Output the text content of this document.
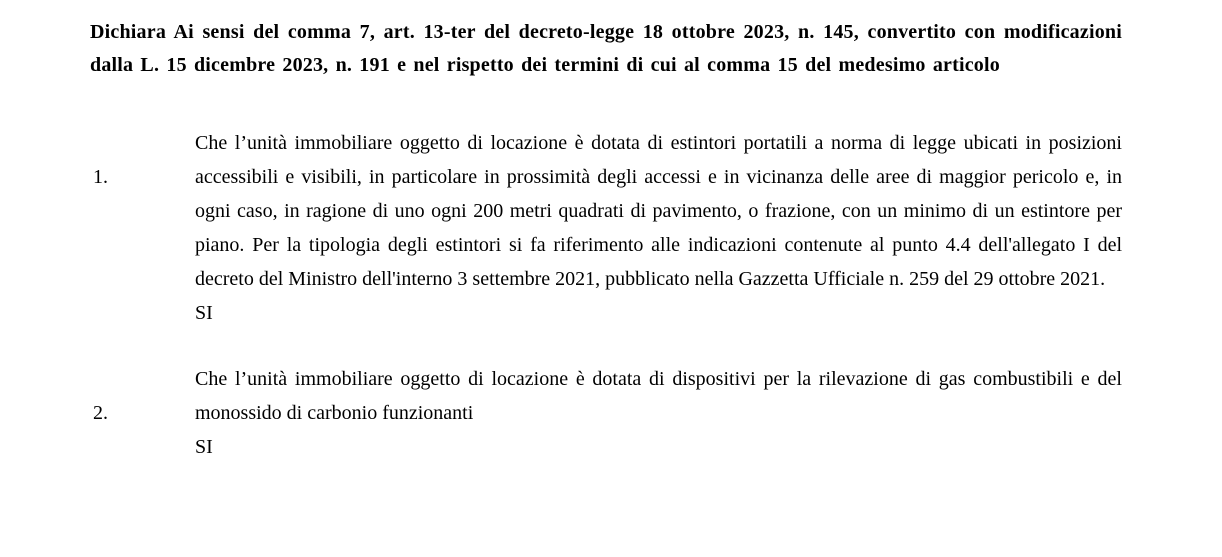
Dichiara Ai sensi del comma 7, art. 13-ter del decreto-legge 18 ottobre 2023, n. 145, convertito con modificazioni dalla L. 15 dicembre 2023, n. 191 e nel rispetto dei termini di cui al comma 15 del medesimo articolo
1.
Che l’unità immobiliare oggetto di locazione è dotata di estintori portatili a norma di legge ubicati in posizioni accessibili e visibili, in particolare in prossimità degli accessi e in vicinanza delle aree di maggior pericolo e, in ogni caso, in ragione di uno ogni 200 metri quadrati di pavimento, o frazione, con un minimo di un estintore per piano. Per la tipologia degli estintori si fa riferimento alle indicazioni contenute al punto 4.4 dell'allegato I del decreto del Ministro dell'interno 3 settembre 2021, pubblicato nella Gazzetta Ufficiale n. 259 del 29 ottobre 2021.
SI
2.
Che l’unità immobiliare oggetto di locazione è dotata di dispositivi per la rilevazione di gas combustibili e del monossido di carbonio funzionanti
SI
